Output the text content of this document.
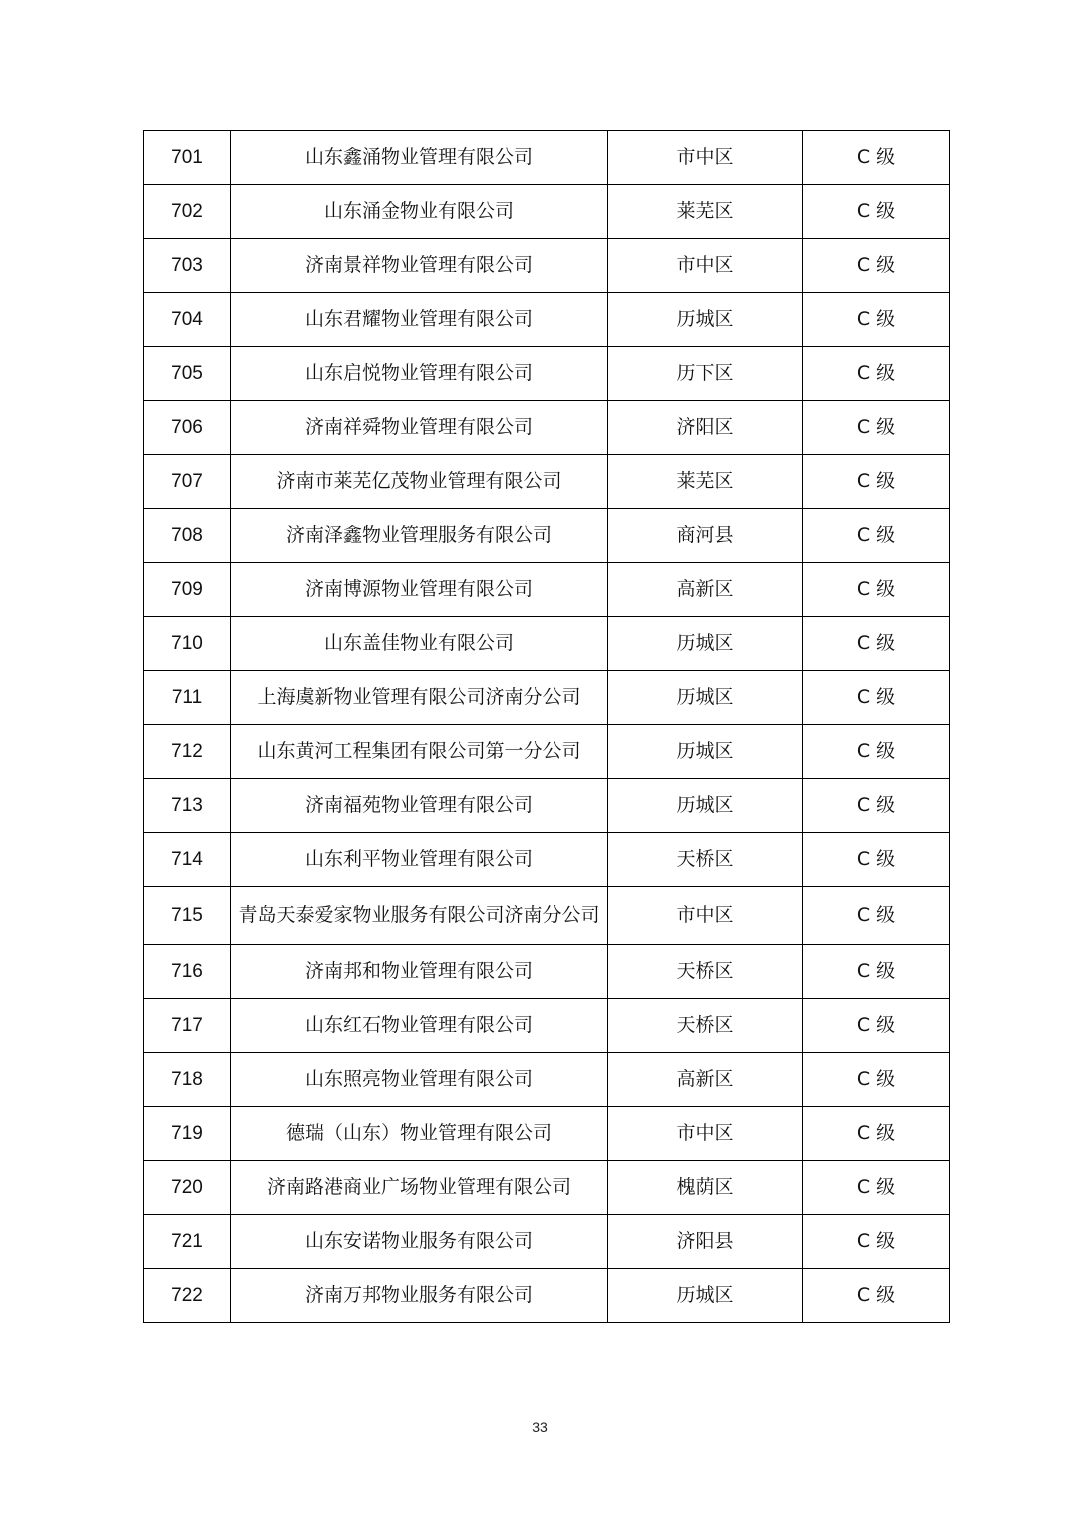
701	山东鑫涌物业管理有限公司	市中区	C 级
702	山东涌金物业有限公司	莱芜区	C 级
703	济南景祥物业管理有限公司	市中区	C 级
704	山东君耀物业管理有限公司	历城区	C 级
705	山东启悦物业管理有限公司	历下区	C 级
706	济南祥舜物业管理有限公司	济阳区	C 级
707	济南市莱芜亿茂物业管理有限公司	莱芜区	C 级
708	济南泽鑫物业管理服务有限公司	商河县	C 级
709	济南博源物业管理有限公司	高新区	C 级
710	山东盖佳物业有限公司	历城区	C 级
711	上海虞新物业管理有限公司济南分公司	历城区	C 级
712	山东黄河工程集团有限公司第一分公司	历城区	C 级
713	济南福苑物业管理有限公司	历城区	C 级
714	山东利平物业管理有限公司	天桥区	C 级
715	青岛天泰爱家物业服务有限公司济南分公司	市中区	C 级
716	济南邦和物业管理有限公司	天桥区	C 级
717	山东红石物业管理有限公司	天桥区	C 级
718	山东照亮物业管理有限公司	高新区	C 级
719	德瑞（山东）物业管理有限公司	市中区	C 级
720	济南路港商业广场物业管理有限公司	槐荫区	C 级
721	山东安诺物业服务有限公司	济阳县	C 级
722	济南万邦物业服务有限公司	历城区	C 级
33
